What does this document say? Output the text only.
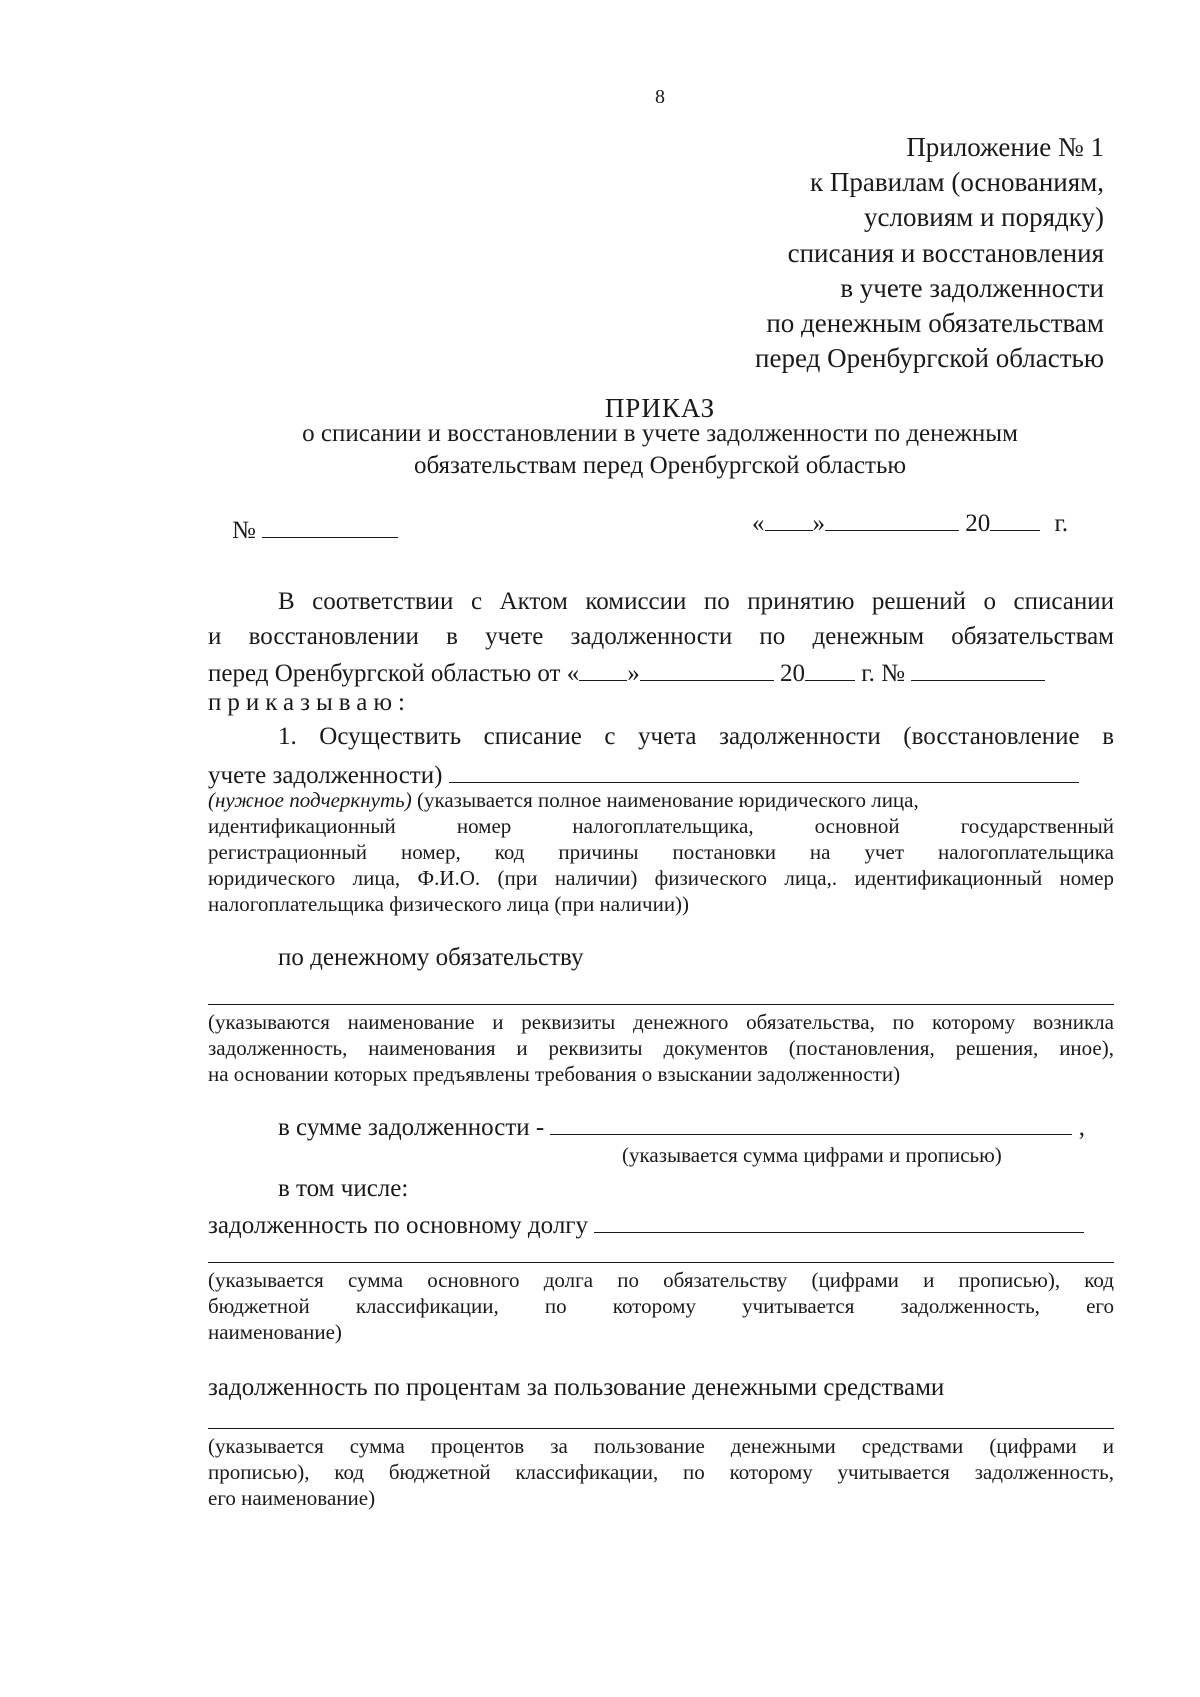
8
Приложение № 1
к Правилам (основаниям,
условиям и порядку)
списания и восстановления
в учете задолженности
по денежным обязательствам
перед Оренбургской областью
ПРИКАЗ
о списании и восстановлении в учете задолженности по денежным
обязательствам перед Оренбургской областью
№	« »	20	г.
В соответствии с Актом комиссии по принятию решений о списании
и восстановлении в учете задолженности по денежным обязательствам
перед Оренбургской областью от « »	20 г. №
приказываю:
1. Осуществить списание с учета задолженности (восстановление в
учете задолженности)
(нужное подчеркнуть) (указывается полное наименование юридического лица,
идентификационный номер налогоплательщика, основной государственный
регистрационный номер, код причины постановки на учет налогоплательщика
юридического лица, Ф.И.О. (при наличии) физического лица,. идентификационный номер
налогоплательщика физического лица (при наличии))
по денежному обязательству
(указываются наименование и реквизиты денежного обязательства, по которому возникла
задолженность, наименования и реквизиты документов (постановления, решения, иное),
на основании которых предъявлены требования о взыскании задолженности)
в сумме задолженности -	,
(указывается сумма цифрами и прописью)
в том числе:
задолженность по основному долгу
(указывается сумма основного долга по обязательству (цифрами и прописью), код
бюджетной классификации, по которому учитывается задолженность, его
наименование)
задолженность по процентам за пользование денежными средствами
(указывается сумма процентов за пользование денежными средствами (цифрами и
прописью), код бюджетной классификации, по которому учитывается задолженность,
его наименование)
